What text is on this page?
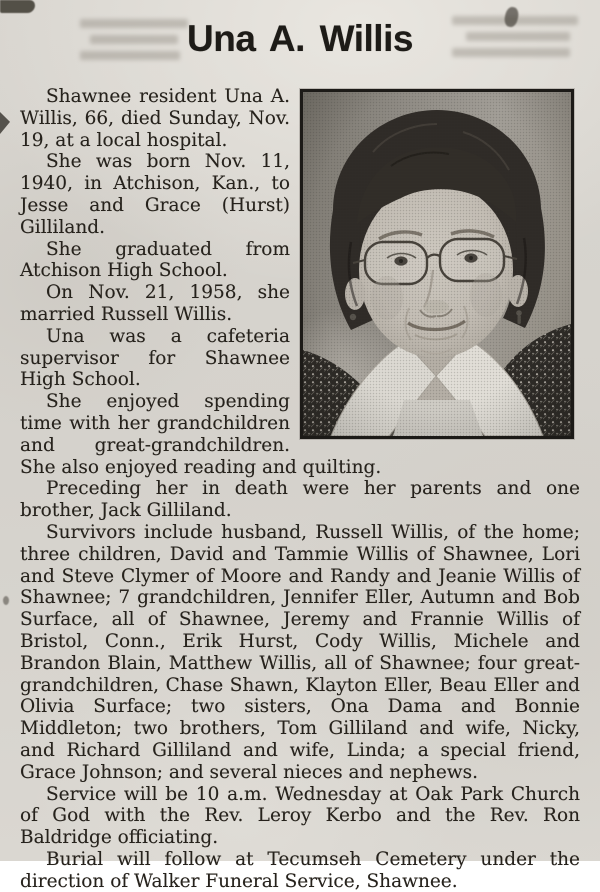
Una A. Willis

Shawnee resident Una A. Willis, 66, died Sunday, Nov. 19, at a local hospital.

She was born Nov. 11, 1940, in Atchison, Kan., to Jesse and Grace (Hurst) Gilliland.

She graduated from Atchison High School.

On Nov. 21, 1958, she married Russell Willis.

Una was a cafeteria supervisor for Shawnee High School.

She enjoyed spending time with her grandchildren and great-grandchildren. She also enjoyed reading and quilting.

Preceding her in death were her parents and one brother, Jack Gilliland.

Survivors include husband, Russell Willis, of the home; three children, David and Tammie Willis of Shawnee, Lori and Steve Clymer of Moore and Randy and Jeanie Willis of Shawnee; 7 grandchildren, Jennifer Eller, Autumn and Bob Surface, all of Shawnee, Jeremy and Frannie Willis of Bristol, Conn., Erik Hurst, Cody Willis, Michele and Brandon Blain, Matthew Willis, all of Shawnee; four great-grandchildren, Chase Shawn, Klayton Eller, Beau Eller and Olivia Surface; two sisters, Ona Dama and Bonnie Middleton; two brothers, Tom Gilliland and wife, Nicky, and Richard Gilliland and wife, Linda; a special friend, Grace Johnson; and several nieces and nephews.

Service will be 10 a.m. Wednesday at Oak Park Church of God with the Rev. Leroy Kerbo and the Rev. Ron Baldridge officiating.

Burial will follow at Tecumseh Cemetery under the direction of Walker Funeral Service, Shawnee.
